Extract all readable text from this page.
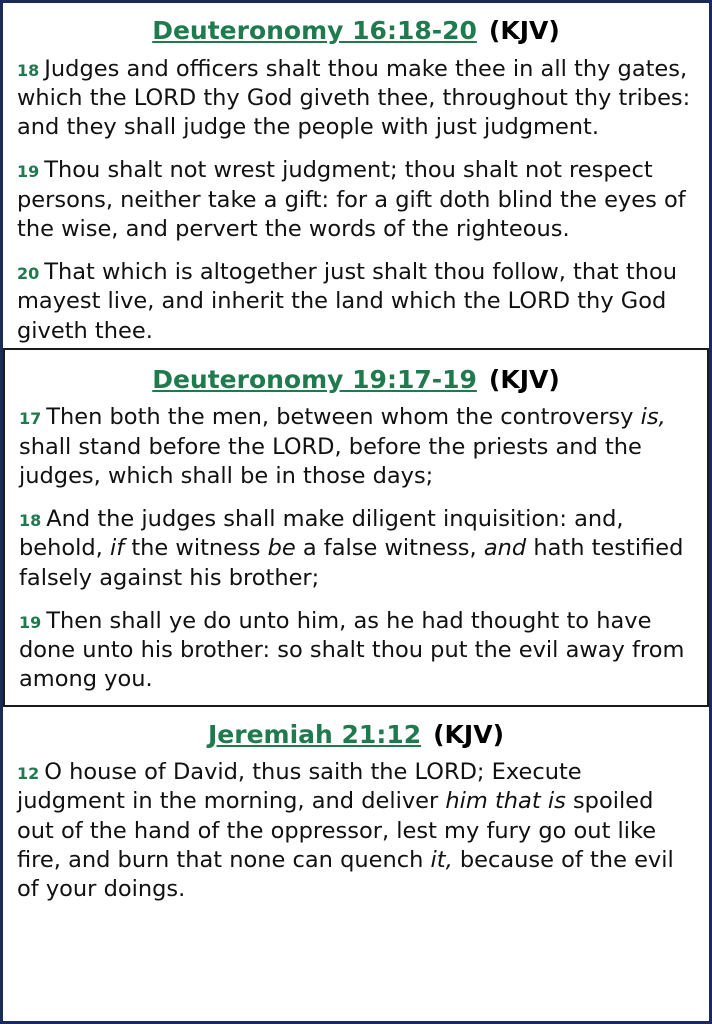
Deuteronomy 16:18-20 (KJV)

18 Judges and officers shalt thou make thee in all thy gates, which the LORD thy God giveth thee, throughout thy tribes: and they shall judge the people with just judgment.

19 Thou shalt not wrest judgment; thou shalt not respect persons, neither take a gift: for a gift doth blind the eyes of the wise, and pervert the words of the righteous.

20 That which is altogether just shalt thou follow, that thou mayest live, and inherit the land which the LORD thy God giveth thee.

Deuteronomy 19:17-19 (KJV)

17 Then both the men, between whom the controversy is, shall stand before the LORD, before the priests and the judges, which shall be in those days;

18 And the judges shall make diligent inquisition: and, behold, if the witness be a false witness, and hath testified falsely against his brother;

19 Then shall ye do unto him, as he had thought to have done unto his brother: so shalt thou put the evil away from among you.

Jeremiah 21:12 (KJV)

12 O house of David, thus saith the LORD; Execute judgment in the morning, and deliver him that is spoiled out of the hand of the oppressor, lest my fury go out like fire, and burn that none can quench it, because of the evil of your doings.
